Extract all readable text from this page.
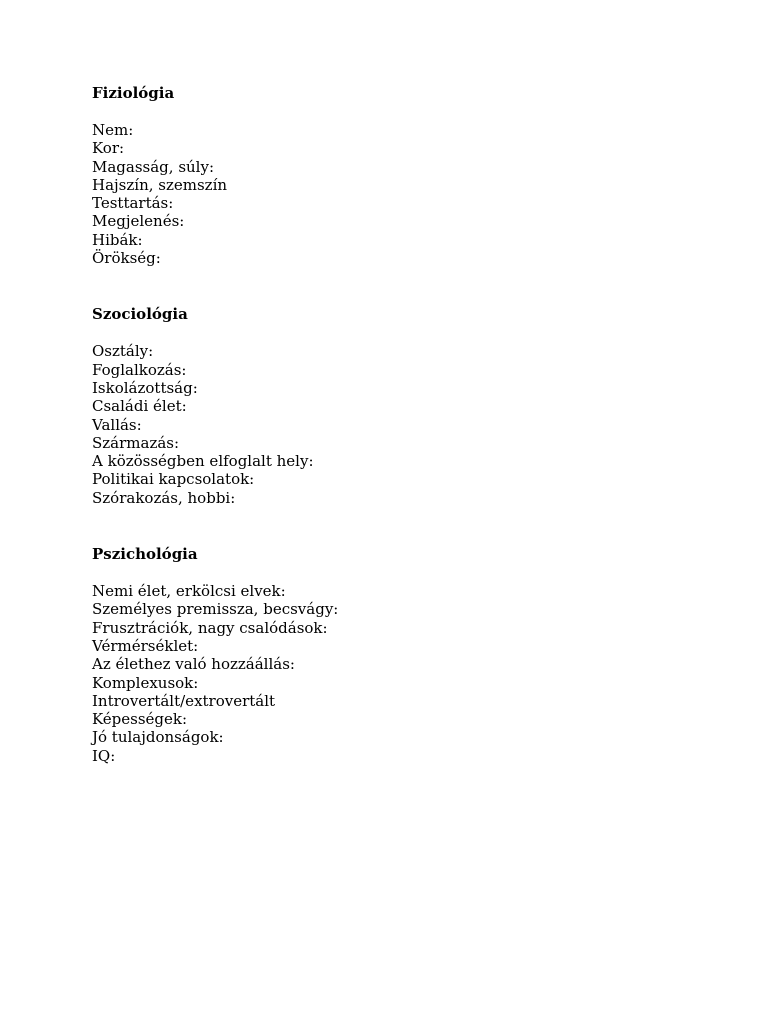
Fiziológia
Nem:
Kor:
Magasság, súly:
Hajszín, szemszín
Testtartás:
Megjelenés:
Hibák:
Örökség:
Szociológia
Osztály:
Foglalkozás:
Iskolázottság:
Családi élet:
Vallás:
Származás:
A közösségben elfoglalt hely:
Politikai kapcsolatok:
Szórakozás, hobbi:
Pszichológia
Nemi élet, erkölcsi elvek:
Személyes premissza, becsvágy:
Frusztrációk, nagy csalódások:
Vérmérséklet:
Az élethez való hozzáállás:
Komplexusok:
Introvertált/extrovertált
Képességek:
Jó tulajdonságok:
IQ:
